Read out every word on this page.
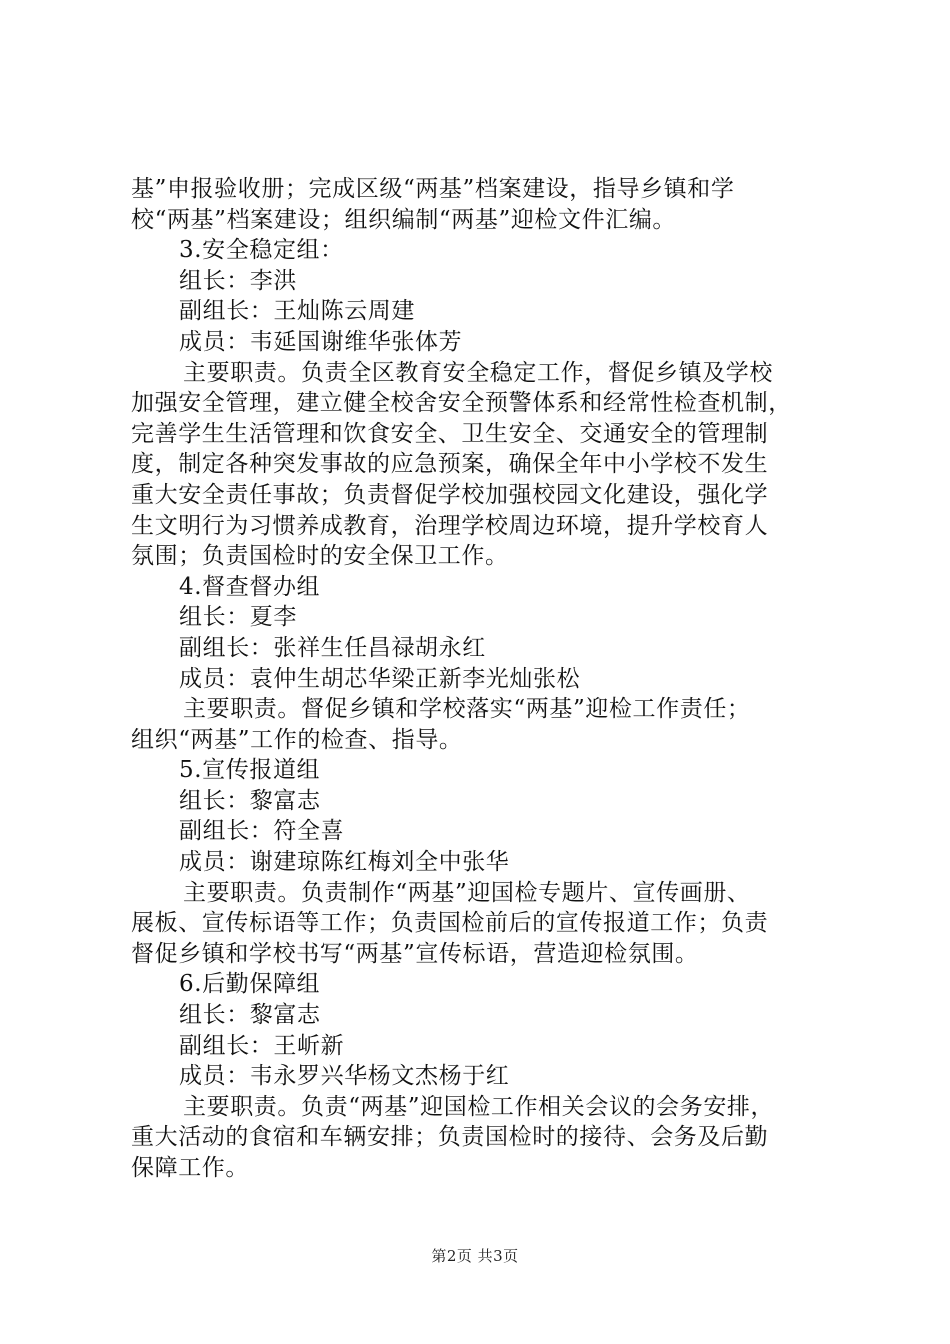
基”申报验收册；完成区级“两基”档案建设，指导乡镇和学

校“两基”档案建设；组织编制“两基”迎检文件汇编。

3.安全稳定组：

组长：李洪

副组长：王灿陈云周建

成员：韦延国谢维华张体芳

主要职责。负责全区教育安全稳定工作，督促乡镇及学校

加强安全管理，建立健全校舍安全预警体系和经常性检查机制，

完善学生生活管理和饮食安全、卫生安全、交通安全的管理制

度，制定各种突发事故的应急预案，确保全年中小学校不发生

重大安全责任事故；负责督促学校加强校园文化建设，强化学

生文明行为习惯养成教育，治理学校周边环境，提升学校育人

氛围；负责国检时的安全保卫工作。

4.督查督办组

组长：夏李

副组长：张祥生任昌禄胡永红

成员：袁仲生胡芯华梁正新李光灿张松

主要职责。督促乡镇和学校落实“两基”迎检工作责任；

组织“两基”工作的检查、指导。

5.宣传报道组

组长：黎富志

副组长：符全喜

成员：谢建琼陈红梅刘全中张华

主要职责。负责制作“两基”迎国检专题片、宣传画册、

展板、宣传标语等工作；负责国检前后的宣传报道工作；负责

督促乡镇和学校书写“两基”宣传标语，营造迎检氛围。

6.后勤保障组

组长：黎富志

副组长：王岓新

成员：韦永罗兴华杨文杰杨于红

主要职责。负责“两基”迎国检工作相关会议的会务安排，

重大活动的食宿和车辆安排；负责国检时的接待、会务及后勤

保障工作。

第2页 共3页
